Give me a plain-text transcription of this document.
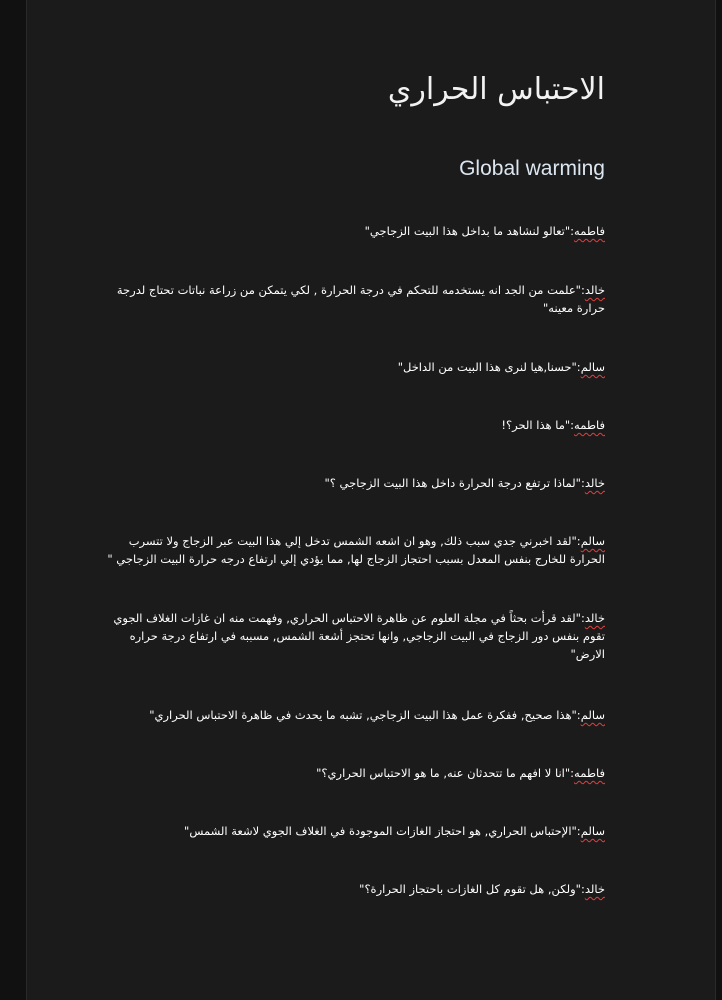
الاحتباس الحراري
Global warming

فاطمه:"تعالو لنشاهد ما بداخل هذا البيت الزجاجي"

خالد:"علمت من الجد انه يستخدمه للتحكم في درجة الحرارة , لكي يتمكن من زراعة نباتات تحتاج لدرجة حرارة معينه"

سالم:"حسنا,هيا لنرى هذا البيت من الداخل"

فاطمه:"ما هذا الحر؟!

خالد:"لماذا ترتفع درجة الحرارة داخل هذا البيت الزجاجي ؟"

سالم:"لقد اخبرني جدي سبب ذلك, وهو ان اشعه الشمس تدخل إلي هذا البيت عبر الزجاج ولا تتسرب الحرارة للخارج بنفس المعدل بسبب احتجاز الزجاج لها, مما يؤدي إلي ارتفاع درجه حرارة البيت الزجاجي "

خالد:"لقد قرأت بحثاً في مجلة العلوم عن ظاهرة الاحتباس الحراري, وفهمت منه ان غازات الغلاف الجوي تقوم بنفس دور الزجاج في البيت الزجاجي, وانها تحتجز أشعة الشمس, مسببه في ارتفاع درجة حراره الارض"

سالم:"هذا صحيح, ففكرة عمل هذا البيت الزجاجي, تشبه ما يحدث في ظاهرة الاحتباس الحراري"

فاطمه:"انا لا افهم ما تتحدثان عنه, ما هو الاحتباس الحراري؟"

سالم:"الإحتباس الحراري, هو احتجاز الغازات الموجودة في الغلاف الجوي لاشعة الشمس"

خالد:"ولكن, هل تقوم كل الغازات باحتجاز الحرارة؟"
